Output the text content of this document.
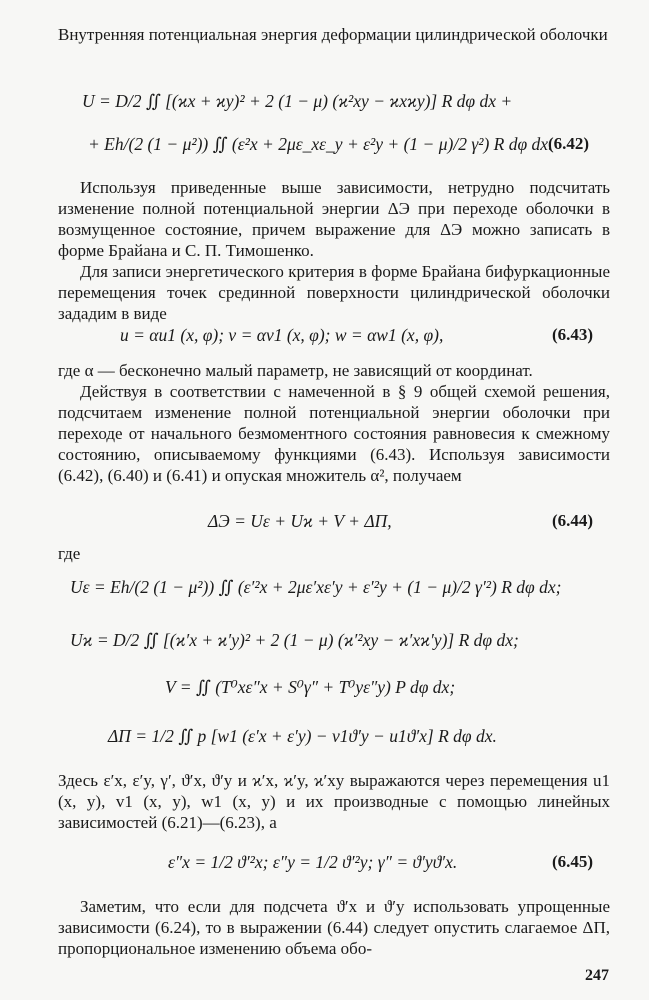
Внутренняя потенциальная энергия деформации цилиндрической оболочки
U = D/2 ∬ [(ϰx + ϰy)² + 2 (1 − μ) (ϰ²xy − ϰxϰy)] R dφ dx +
+ Eh/(2 (1 − μ²)) ∬ (ε²x + 2με_xε_y + ε²y + (1 − μ)/2 γ²) R dφ dx.
(6.42)
Используя приведенные выше зависимости, нетрудно подсчитать изменение полной потенциальной энергии ΔЭ при переходе оболочки в возмущенное состояние, причем выражение для ΔЭ можно записать в форме Брайана и С. П. Тимошенко.
Для записи энергетического критерия в форме Брайана бифуркационные перемещения точек срединной поверхности цилиндрической оболочки зададим в виде
u = αu1 (x, φ); v = αv1 (x, φ); w = αw1 (x, φ),	(6.43)
где α — бесконечно малый параметр, не зависящий от координат.
Действуя в соответствии с намеченной в § 9 общей схемой решения, подсчитаем изменение полной потенциальной энергии оболочки при переходе от начального безмоментного состояния равновесия к смежному состоянию, описываемому функциями (6.43). Используя зависимости (6.42), (6.40) и (6.41) и опуская множитель α², получаем
ΔЭ = Uε + Uϰ + V + ΔП,	(6.44)
где
Uε = Eh/(2 (1 − μ²)) ∬ (ε′²x + 2με′xε′y + ε′²y + (1 − μ)/2 γ′²) R dφ dx;
Uϰ = D/2 ∬ [(ϰ′x + ϰ′y)² + 2 (1 − μ) (ϰ′²xy − ϰ′xϰ′y)] R dφ dx;
V = ∬ (T⁰xε″x + S⁰γ″ + T⁰yε″y) P dφ dx;
ΔП = 1/2 ∬ p [w1 (ε′x + ε′y) − v1ϑ′y − u1ϑ′x] R dφ dx.
Здесь ε′x, ε′y, γ′, ϑ′x, ϑ′y и ϰ′x, ϰ′y, ϰ′xy выражаются через перемещения u1 (x, y), v1 (x, y), w1 (x, y) и их производные с помощью линейных зависимостей (6.21)—(6.23), а
ε″x = 1/2 ϑ′²x; ε″y = 1/2 ϑ′²y; γ″ = ϑ′yϑ′x.	(6.45)
Заметим, что если для подсчета ϑ′x и ϑ′y использовать упрощенные зависимости (6.24), то в выражении (6.44) следует опустить слагаемое ΔП, пропорциональное изменению объема обо-
247
